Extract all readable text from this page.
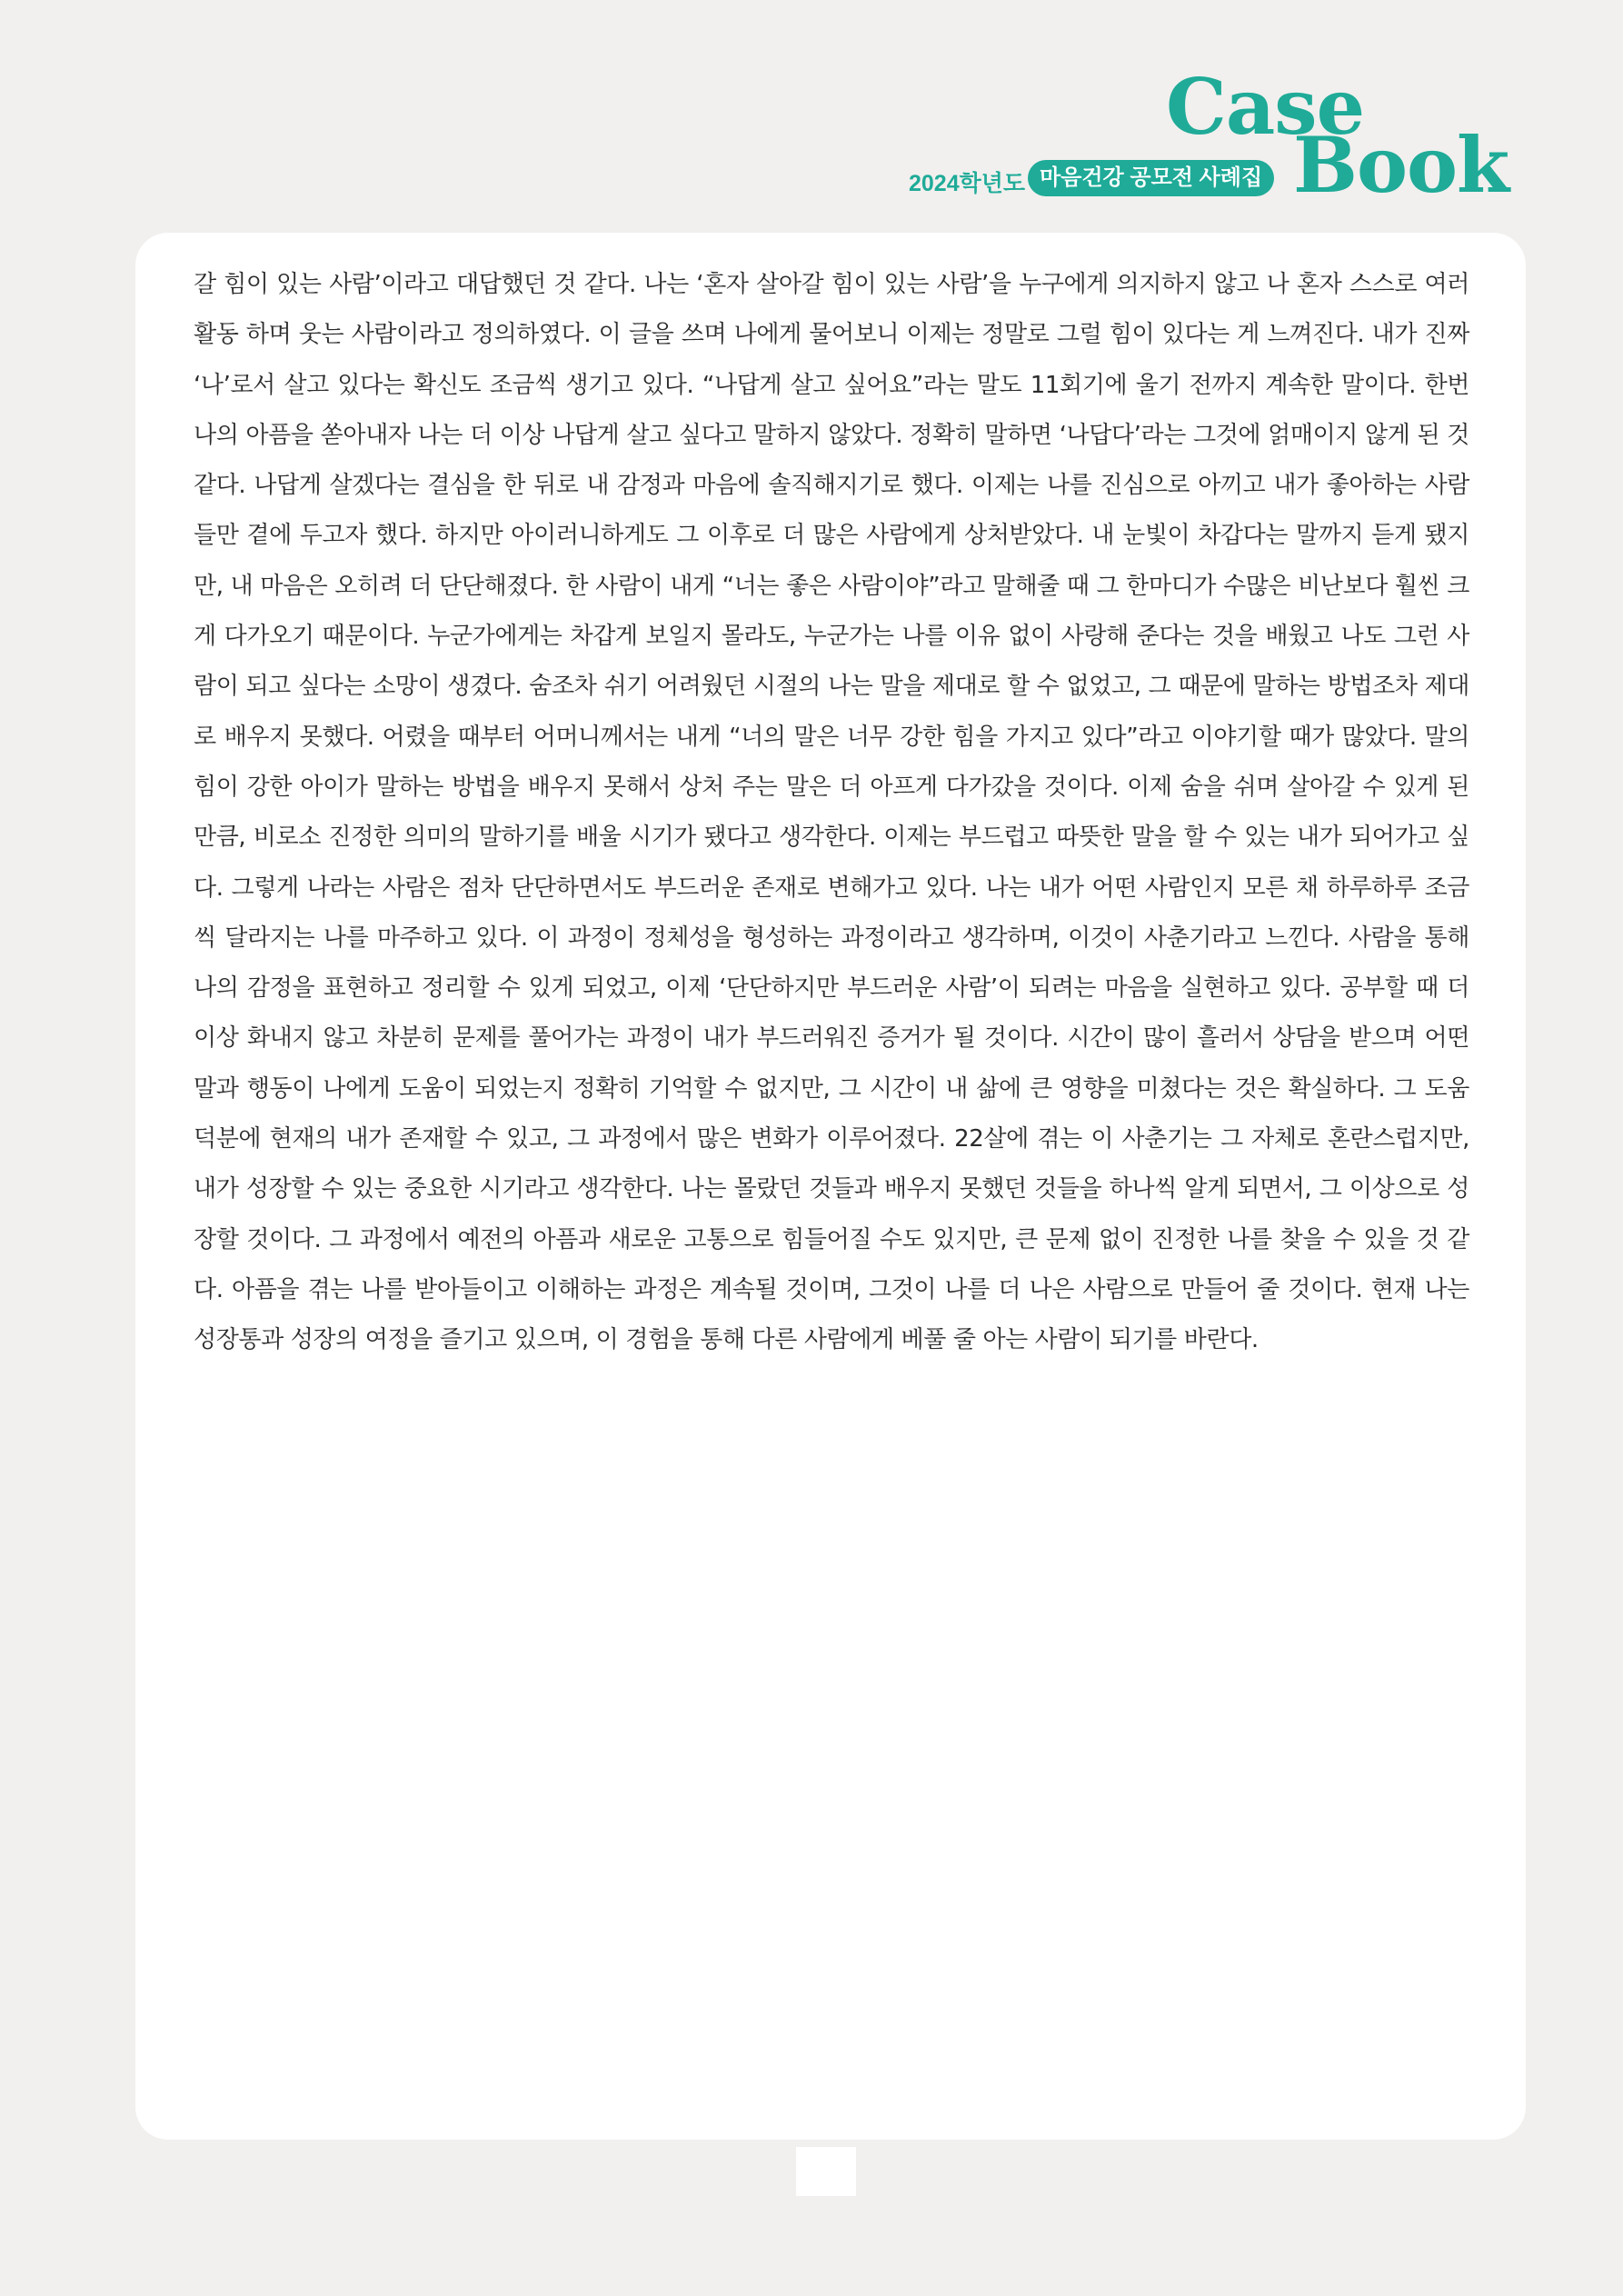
2024학년도 마음건강 공모전 사례집
Case
Book

갈 힘이 있는 사람’이라고 대답했던 것 같다. 나는 ‘혼자 살아갈 힘이 있는 사람’을 누구에게 의지하지 않고 나 혼자 스스로 여러 활동 하며 웃는 사람이라고 정의하였다. 이 글을 쓰며 나에게 물어보니 이제는 정말로 그럴 힘이 있다는 게 느껴진다. 내가 진짜 ‘나’로서 살고 있다는 확신도 조금씩 생기고 있다. “나답게 살고 싶어요”라는 말도 11회기에 울기 전까지 계속한 말이다. 한번 나의 아픔을 쏟아내자 나는 더 이상 나답게 살고 싶다고 말하지 않았다. 정확히 말하면 ‘나답다’라는 그것에 얽매이지 않게 된 것 같다. 나답게 살겠다는 결심을 한 뒤로 내 감정과 마음에 솔직해지기로 했다. 이제는 나를 진심으로 아끼고 내가 좋아하는 사람들만 곁에 두고자 했다. 하지만 아이러니하게도 그 이후로 더 많은 사람에게 상처받았다. 내 눈빛이 차갑다는 말까지 듣게 됐지만, 내 마음은 오히려 더 단단해졌다. 한 사람이 내게 “너는 좋은 사람이야”라고 말해줄 때 그 한마디가 수많은 비난보다 훨씬 크게 다가오기 때문이다. 누군가에게는 차갑게 보일지 몰라도, 누군가는 나를 이유 없이 사랑해 준다는 것을 배웠고 나도 그런 사람이 되고 싶다는 소망이 생겼다. 숨조차 쉬기 어려웠던 시절의 나는 말을 제대로 할 수 없었고, 그 때문에 말하는 방법조차 제대로 배우지 못했다. 어렸을 때부터 어머니께서는 내게 “너의 말은 너무 강한 힘을 가지고 있다”라고 이야기할 때가 많았다. 말의 힘이 강한 아이가 말하는 방법을 배우지 못해서 상처 주는 말은 더 아프게 다가갔을 것이다. 이제 숨을 쉬며 살아갈 수 있게 된 만큼, 비로소 진정한 의미의 말하기를 배울 시기가 됐다고 생각한다. 이제는 부드럽고 따뜻한 말을 할 수 있는 내가 되어가고 싶다. 그렇게 나라는 사람은 점차 단단하면서도 부드러운 존재로 변해가고 있다. 나는 내가 어떤 사람인지 모른 채 하루하루 조금씩 달라지는 나를 마주하고 있다. 이 과정이 정체성을 형성하는 과정이라고 생각하며, 이것이 사춘기라고 느낀다. 사람을 통해 나의 감정을 표현하고 정리할 수 있게 되었고, 이제 ‘단단하지만 부드러운 사람’이 되려는 마음을 실현하고 있다. 공부할 때 더 이상 화내지 않고 차분히 문제를 풀어가는 과정이 내가 부드러워진 증거가 될 것이다. 시간이 많이 흘러서 상담을 받으며 어떤 말과 행동이 나에게 도움이 되었는지 정확히 기억할 수 없지만, 그 시간이 내 삶에 큰 영향을 미쳤다는 것은 확실하다. 그 도움 덕분에 현재의 내가 존재할 수 있고, 그 과정에서 많은 변화가 이루어졌다. 22살에 겪는 이 사춘기는 그 자체로 혼란스럽지만, 내가 성장할 수 있는 중요한 시기라고 생각한다. 나는 몰랐던 것들과 배우지 못했던 것들을 하나씩 알게 되면서, 그 이상으로 성장할 것이다. 그 과정에서 예전의 아픔과 새로운 고통으로 힘들어질 수도 있지만, 큰 문제 없이 진정한 나를 찾을 수 있을 것 같다. 아픔을 겪는 나를 받아들이고 이해하는 과정은 계속될 것이며, 그것이 나를 더 나은 사람으로 만들어 줄 것이다. 현재 나는 성장통과 성장의 여정을 즐기고 있으며, 이 경험을 통해 다른 사람에게 베풀 줄 아는 사람이 되기를 바란다.
